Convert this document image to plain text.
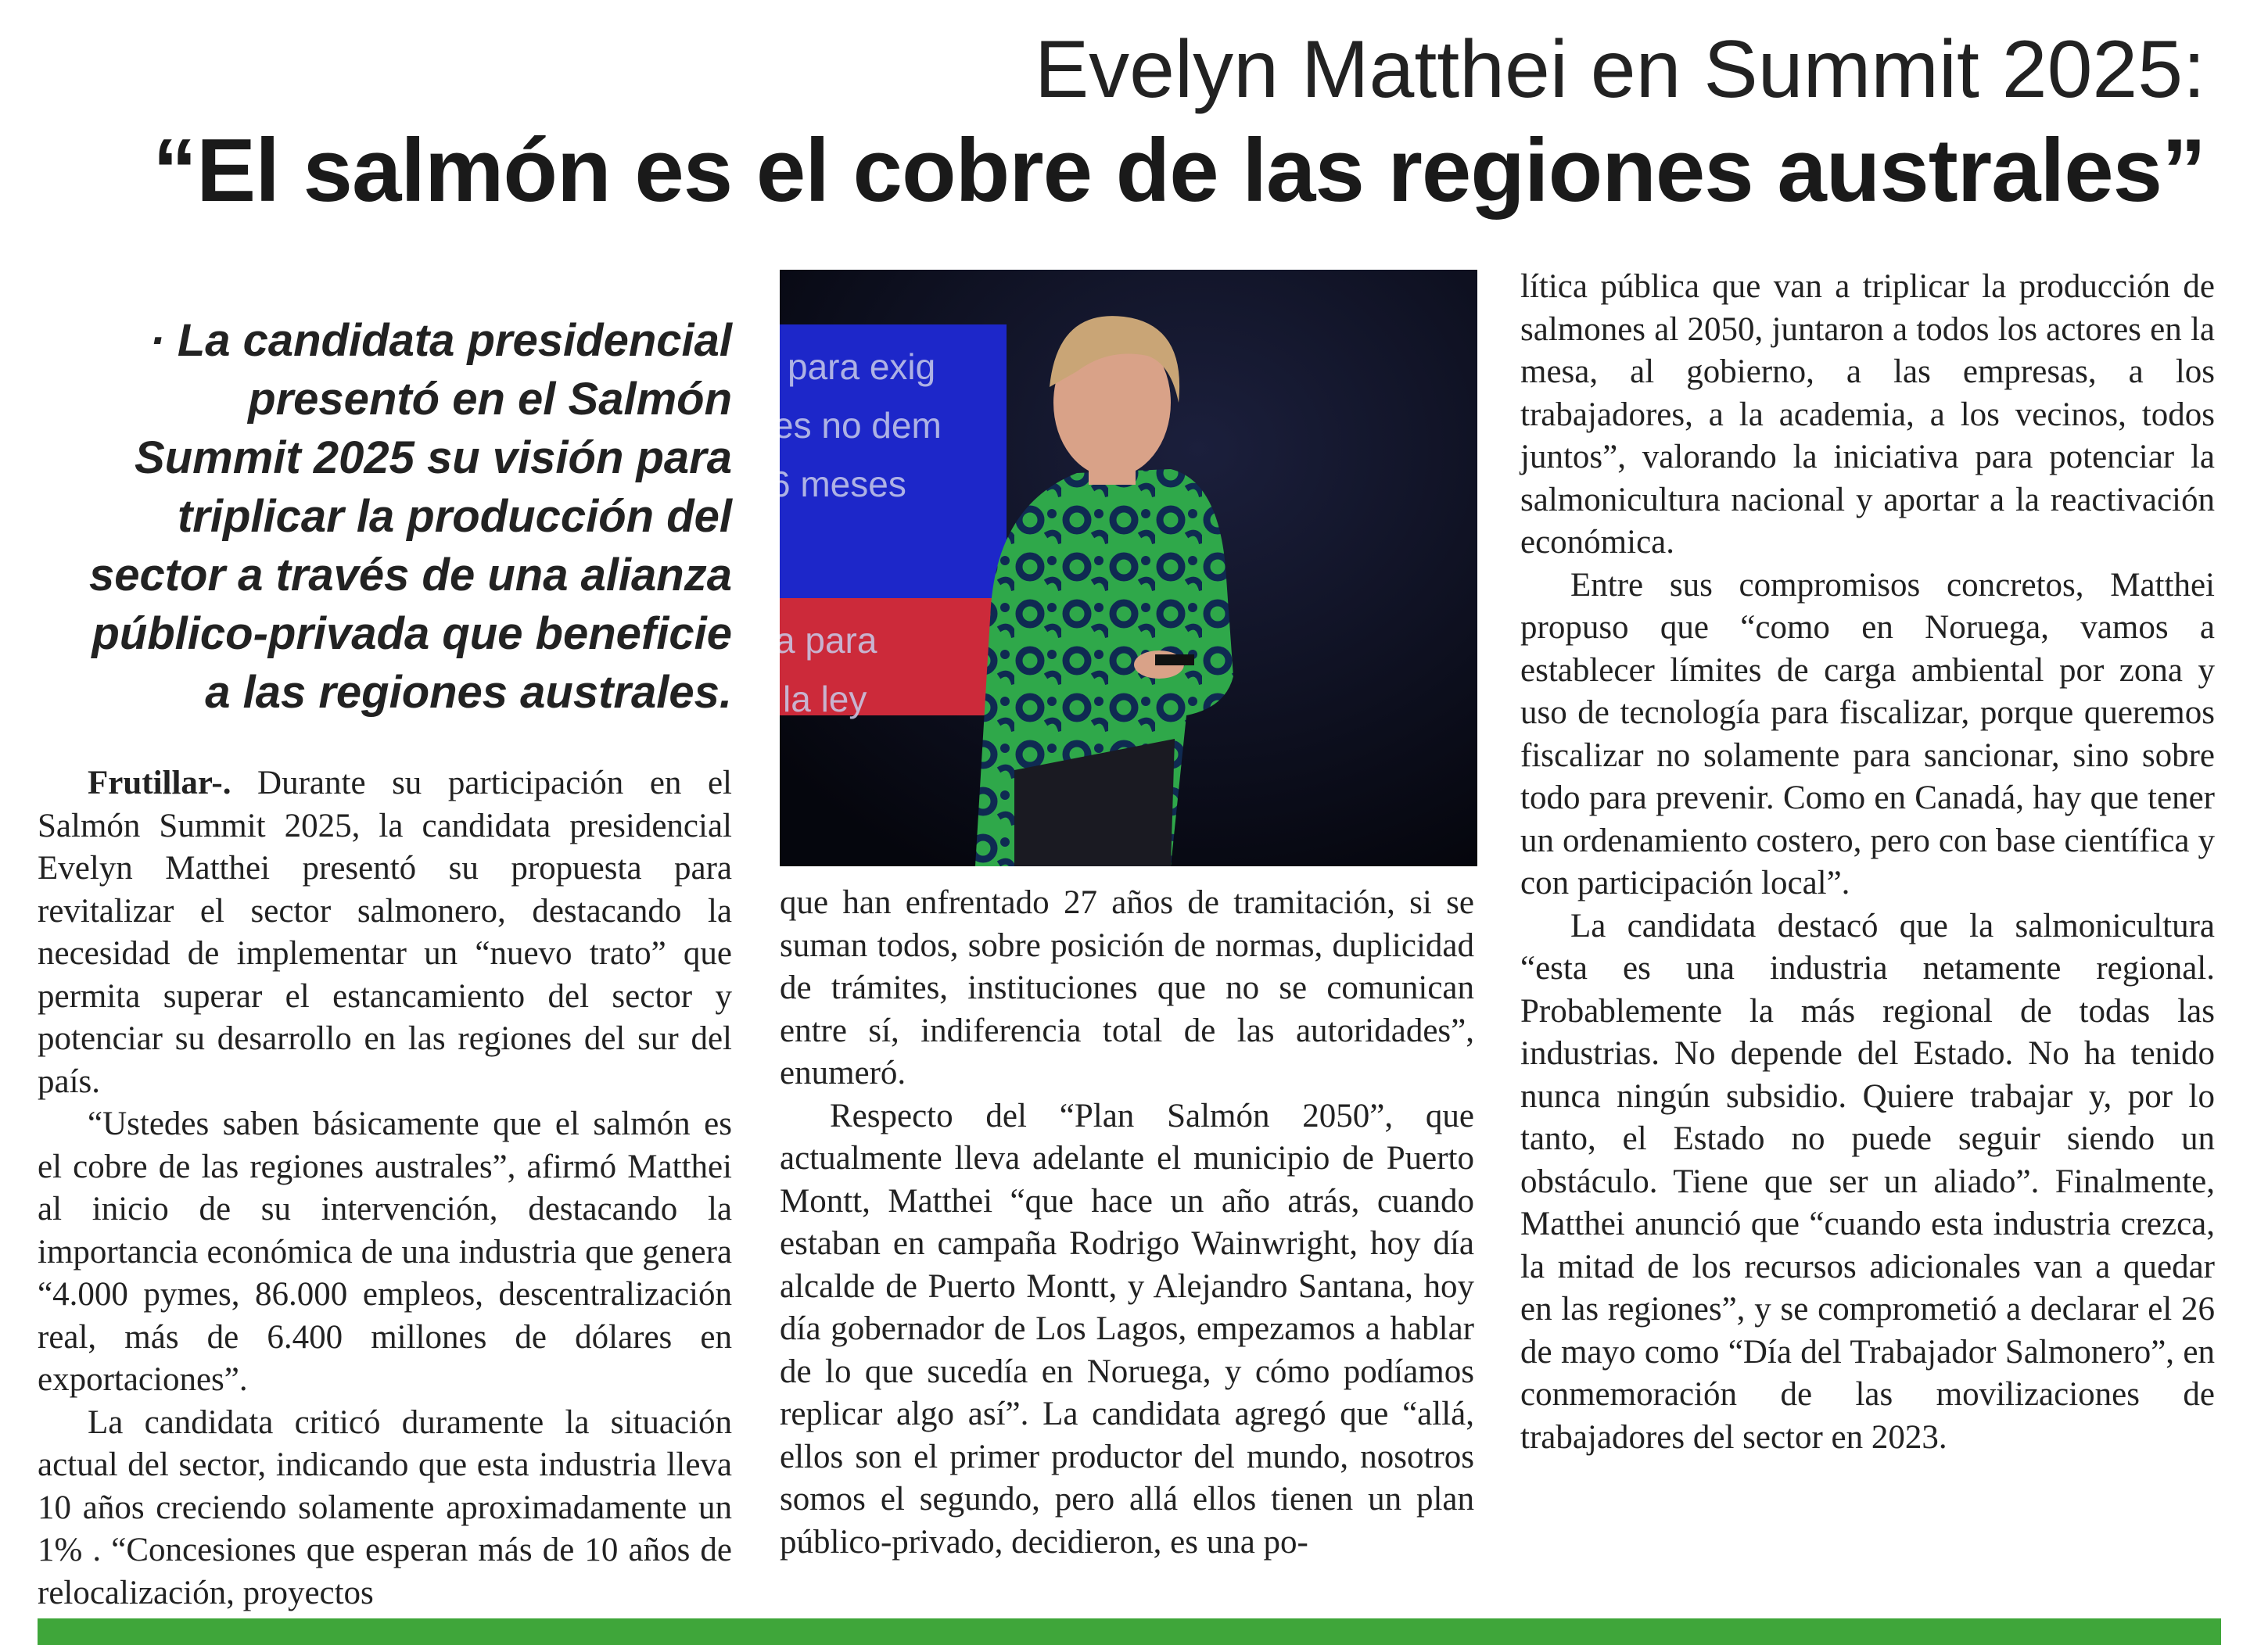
Evelyn Matthei en Summit 2025:
“El salmón es el cobre de las regiones australes”
· La candidata presidencial presentó en el Salmón Summit 2025 su visión para triplicar la producción del sector a través de una alianza público-privada que beneficie a las regiones australes.
para exig
es no dem
6 meses
a para
la ley

Frutillar-. Durante su participación en el Salmón Summit 2025, la candidata presidencial Evelyn Matthei presentó su propuesta para revitalizar el sector salmonero, destacando la necesidad de implementar un “nuevo trato” que permita superar el estancamiento del sector y potenciar su desarrollo en las regiones del sur del país.

“Ustedes saben básicamente que el salmón es el cobre de las regiones australes”, afirmó Matthei al inicio de su intervención, destacando la importancia económica de una industria que genera “4.000 pymes, 86.000 empleos, descentralización real, más de 6.400 millones de dólares en exportaciones”.

La candidata criticó duramente la situación actual del sector, indicando que esta industria lleva 10 años creciendo solamente aproximadamente un 1% . “Concesiones que esperan más de 10 años de relocalización, proyectos

que han enfrentado 27 años de tramitación, si se suman todos, sobre posición de normas, duplicidad de trámites, instituciones que no se comunican entre sí, indiferencia total de las autoridades”, enumeró.

Respecto del “Plan Salmón 2050”, que actualmente lleva adelante el municipio de Puerto Montt, Matthei “que hace un año atrás, cuando estaban en campaña Rodrigo Wainwright, hoy día alcalde de Puerto Montt, y Alejandro Santana, hoy día gobernador de Los Lagos, empezamos a hablar de lo que sucedía en Noruega, y cómo podíamos replicar algo así”. La candidata agregó que “allá, ellos son el primer productor del mundo, nosotros somos el segundo, pero allá ellos tienen un plan público-privado, decidieron, es una po-

lítica pública que van a triplicar la producción de salmones al 2050, juntaron a todos los actores en la mesa, al gobierno, a las empresas, a los trabajadores, a la academia, a los vecinos, todos juntos”, valorando la iniciativa para potenciar la salmonicultura nacional y aportar a la reactivación económica.

Entre sus compromisos concretos, Matthei propuso que “como en Noruega, vamos a establecer límites de carga ambiental por zona y uso de tecnología para fiscalizar, porque queremos fiscalizar no solamente para sancionar, sino sobre todo para prevenir. Como en Canadá, hay que tener un ordenamiento costero, pero con base científica y con participación local”.

La candidata destacó que la salmonicultura “esta es una industria netamente regional. Probablemente la más regional de todas las industrias. No depende del Estado. No ha tenido nunca ningún subsidio. Quiere trabajar y, por lo tanto, el Estado no puede seguir siendo un obstáculo. Tiene que ser un aliado”. Finalmente, Matthei anunció que “cuando esta industria crezca, la mitad de los recursos adicionales van a quedar en las regiones”, y se comprometió a declarar el 26 de mayo como “Día del Trabajador Salmonero”, en conmemoración de las movilizaciones de trabajadores del sector en 2023.
